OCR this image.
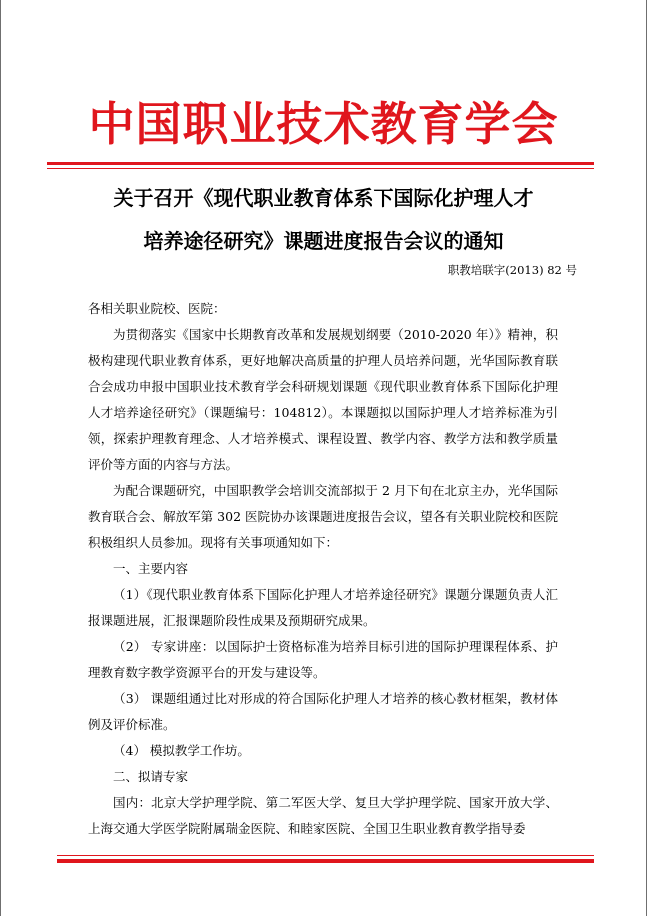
中国职业技术教育学会
关于召开《现代职业教育体系下国际化护理人才
培养途径研究》课题进度报告会议的通知
职教培联字(2013) 82 号

各相关职业院校、医院：

为贯彻落实《国家中长期教育改革和发展规划纲要（2010-2020 年）》精神，积极构建现代职业教育体系，更好地解决高质量的护理人员培养问题，光华国际教育联合会成功申报中国职业技术教育学会科研规划课题《现代职业教育体系下国际化护理人才培养途径研究》（课题编号：104812）。本课题拟以国际护理人才培养标准为引领，探索护理教育理念、人才培养模式、课程设置、教学内容、教学方法和教学质量评价等方面的内容与方法。

为配合课题研究，中国职教学会培训交流部拟于 2 月下旬在北京主办，光华国际教育联合会、解放军第 302 医院协办该课题进度报告会议，望各有关职业院校和医院积极组织人员参加。现将有关事项通知如下：

一、主要内容

（1）《现代职业教育体系下国际化护理人才培养途径研究》课题分课题负责人汇报课题进展，汇报课题阶段性成果及预期研究成果。

（2） 专家讲座：以国际护士资格标准为培养目标引进的国际护理课程体系、护理教育数字教学资源平台的开发与建设等。

（3） 课题组通过比对形成的符合国际化护理人才培养的核心教材框架，教材体例及评价标准。

（4） 模拟教学工作坊。

二、拟请专家

国内：北京大学护理学院、第二军医大学、复旦大学护理学院、国家开放大学、上海交通大学医学院附属瑞金医院、和睦家医院、全国卫生职业教育教学指导委
